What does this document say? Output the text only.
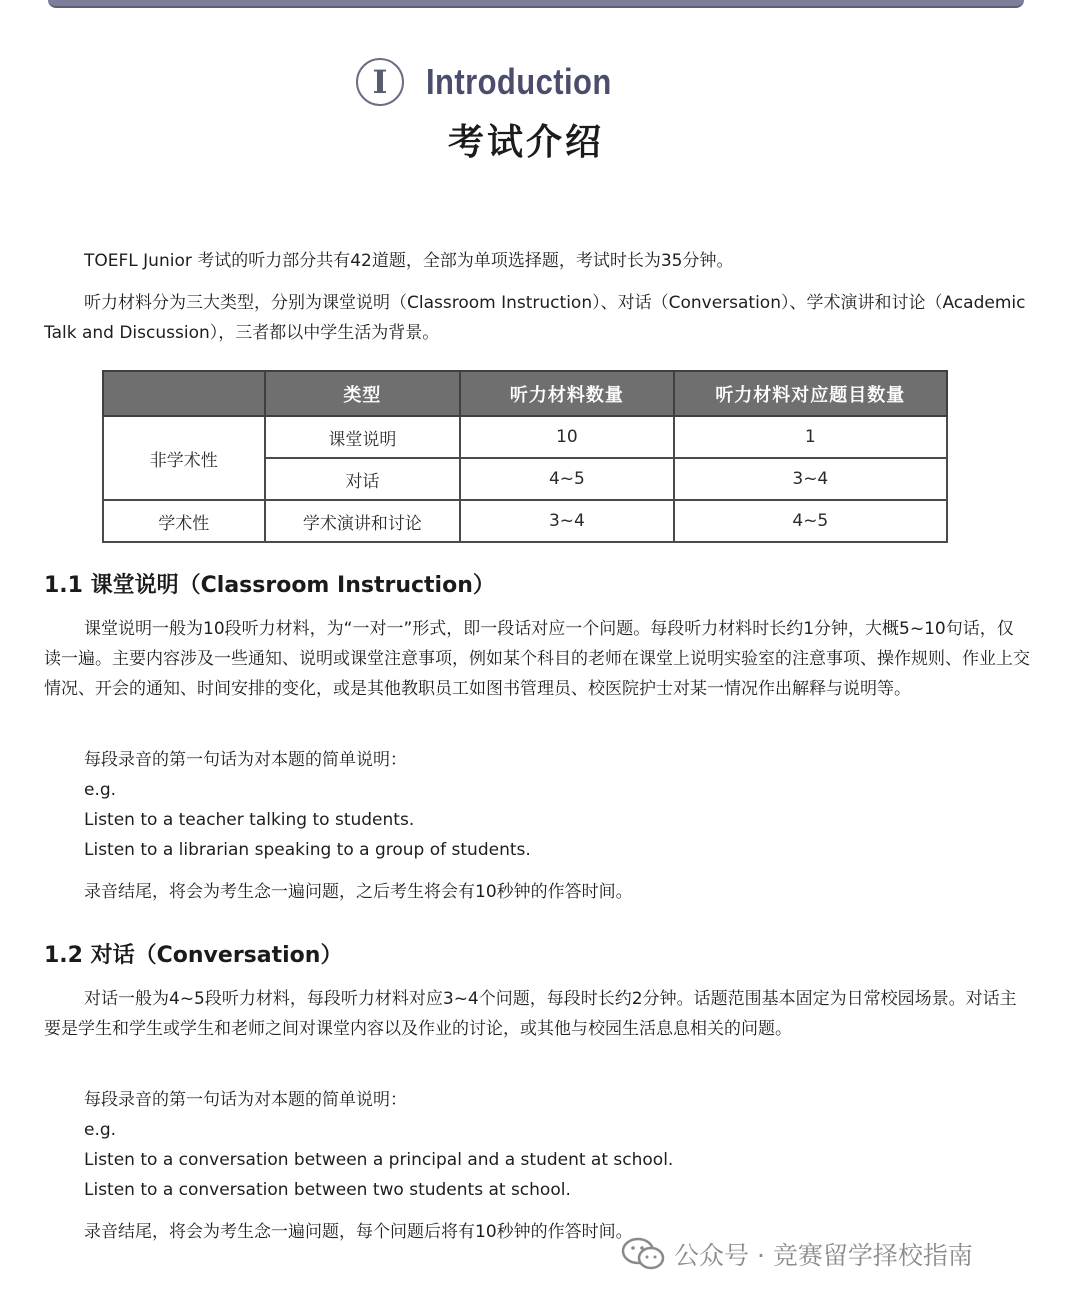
I	Introduction
考试介绍

TOEFL Junior 考试的听力部分共有42道题，全部为单项选择题，考试时长为35分钟。

听力材料分为三大类型，分别为课堂说明（Classroom Instruction）、对话（Conversation）、学术演讲和讨论（Academic Talk and Discussion），三者都以中学生活为背景。

	类型	听力材料数量	听力材料对应题目数量
非学术性	课堂说明	10	1
	对话	4~5	3~4
学术性	学术演讲和讨论	3~4	4~5
1.1 课堂说明（Classroom Instruction）

课堂说明一般为10段听力材料，为“一对一”形式，即一段话对应一个问题。每段听力材料时长约1分钟，大概5~10句话，仅读一遍。主要内容涉及一些通知、说明或课堂注意事项，例如某个科目的老师在课堂上说明实验室的注意事项、操作规则、作业上交情况、开会的通知、时间安排的变化，或是其他教职员工如图书管理员、校医院护士对某一情况作出解释与说明等。

每段录音的第一句话为对本题的简单说明：

e.g.

Listen to a teacher talking to students.

Listen to a librarian speaking to a group of students.

录音结尾，将会为考生念一遍问题，之后考生将会有10秒钟的作答时间。

1.2 对话（Conversation）

对话一般为4~5段听力材料，每段听力材料对应3~4个问题，每段时长约2分钟。话题范围基本固定为日常校园场景。对话主要是学生和学生或学生和老师之间对课堂内容以及作业的讨论，或其他与校园生活息息相关的问题。

每段录音的第一句话为对本题的简单说明：

e.g.

Listen to a conversation between a principal and a student at school.

Listen to a conversation between two students at school.

录音结尾，将会为考生念一遍问题，每个问题后将有10秒钟的作答时间。

公众号 · 竞赛留学择校指南
